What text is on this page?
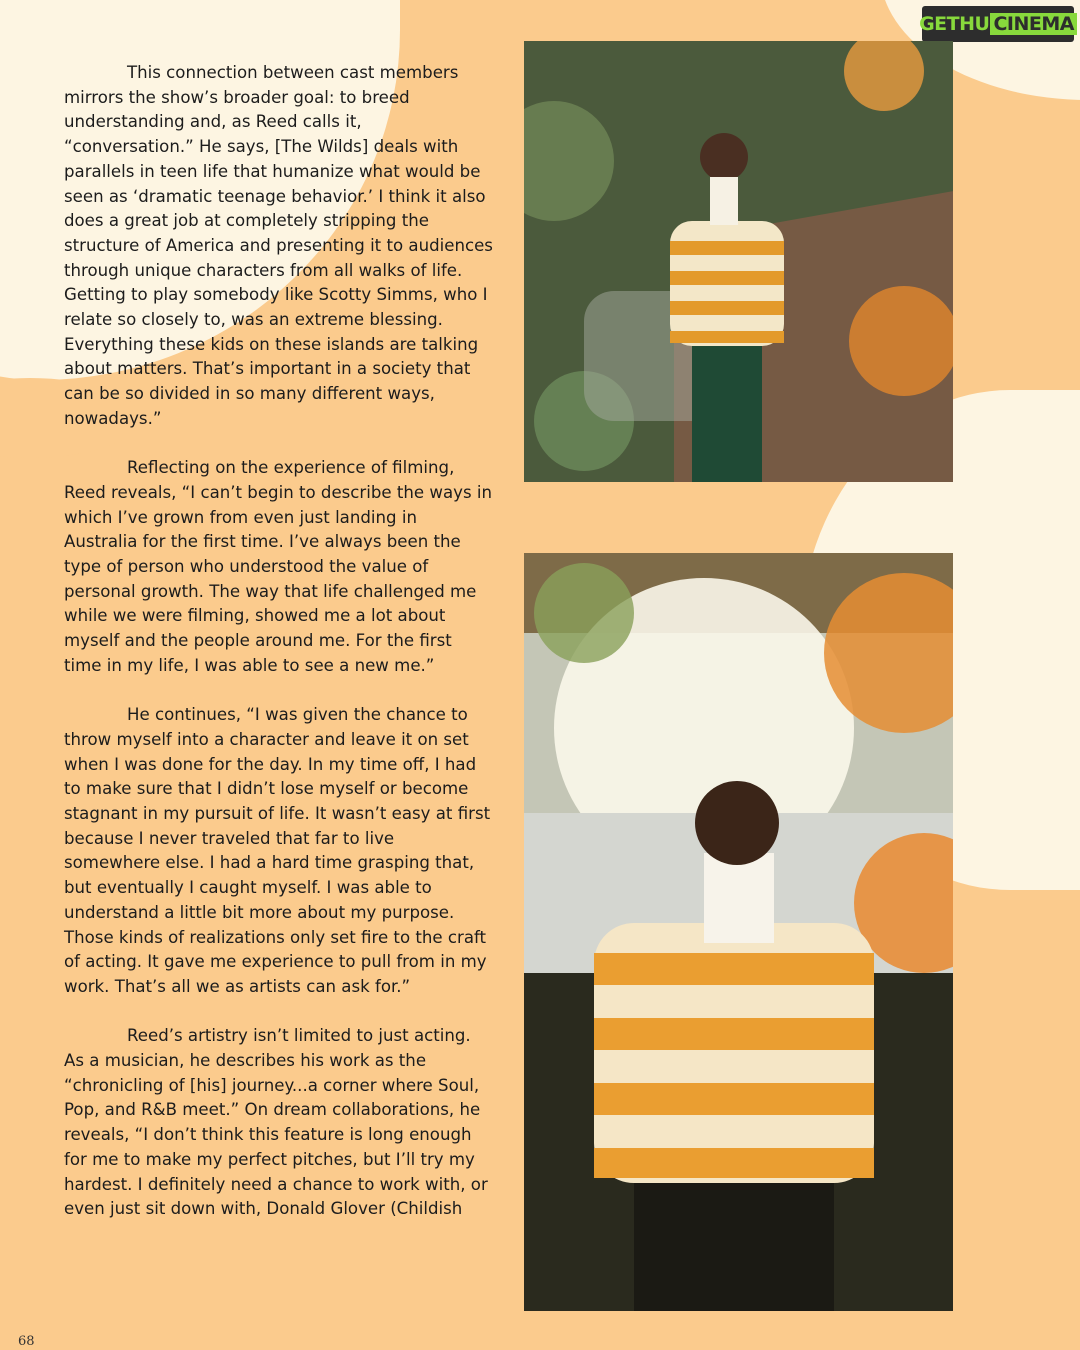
GETHU CINEMA

This connection between cast members mirrors the show’s broader goal: to breed understanding and, as Reed calls it, “conversation.” He says, [The Wilds] deals with parallels in teen life that humanize what would be seen as ‘dramatic teenage behavior.’ I think it also does a great job at completely stripping the structure of America and presenting it to audiences through unique characters from all walks of life. Getting to play somebody like Scotty Simms, who I relate so closely to, was an extreme blessing. Everything these kids on these islands are talking about matters. That’s important in a society that can be so divided in so many different ways, nowadays.”

Reflecting on the experience of filming, Reed reveals, “I can’t begin to describe the ways in which I’ve grown from even just landing in Australia for the first time. I’ve always been the type of person who understood the value of personal growth. The way that life challenged me while we were filming, showed me a lot about myself and the people around me. For the first time in my life, I was able to see a new me.”

He continues, “I was given the chance to throw myself into a character and leave it on set when I was done for the day. In my time off, I had to make sure that I didn’t lose myself or become stagnant in my pursuit of life. It wasn’t easy at first because I never traveled that far to live somewhere else. I had a hard time grasping that, but eventually I caught myself. I was able to understand a little bit more about my purpose. Those kinds of realizations only set fire to the craft of acting. It gave me experience to pull from in my work. That’s all we as artists can ask for.”

Reed’s artistry isn’t limited to just acting. As a musician, he describes his work as the “chronicling of [his] journey...a corner where Soul, Pop, and R&B meet.” On dream collaborations, he reveals, “I don’t think this feature is long enough for me to make my perfect pitches, but I’ll try my hardest. I definitely need a chance to work with, or even just sit down with, Donald Glover (Childish

68
